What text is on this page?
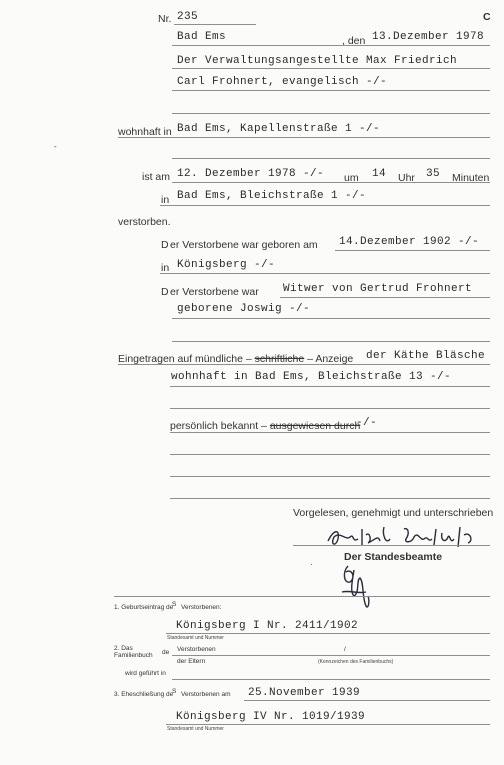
Nr. 235	C
Bad Ems	, den 13.Dezember 1978
Der Verwaltungsangestellte Max Friedrich
Carl Frohnert, evangelisch -/-
wohnhaft in Bad Ems, Kapellenstraße 1 -/-
-
ist am 12. Dezember 1978 -/- um 14 Uhr 35 Minuten
in Bad Ems, Bleichstraße 1 -/-
verstorben.
D er Verstorbene war geboren am 14.Dezember 1902 -/-
in Königsberg -/-
D er Verstorbene war Witwer von Gertrud Frohnert
geborene Joswig -/-
Eingetragen auf mündliche – schriftliche – Anzeige der Käthe Bläsche
wohnhaft in Bad Ems, Bleichstraße 13 -/-
persönlich bekannt – ausgewiesen durch
-/-
Vorgelesen, genehmigt und unterschrieben
·
Der Standesbeamte
1. Geburtseintrag de
S Verstorbenen:
Königsberg I Nr. 2411/1902
Standesamt und Nummer
2. Das
Familienbuch de Verstorbenen	/
der Eltern	(Kennzeichen des Familienbuchs)
wird geführt in
3. Eheschließung de
S Verstorbenen am 25.November 1939
Königsberg IV Nr. 1019/1939
Standesamt und Nummer
